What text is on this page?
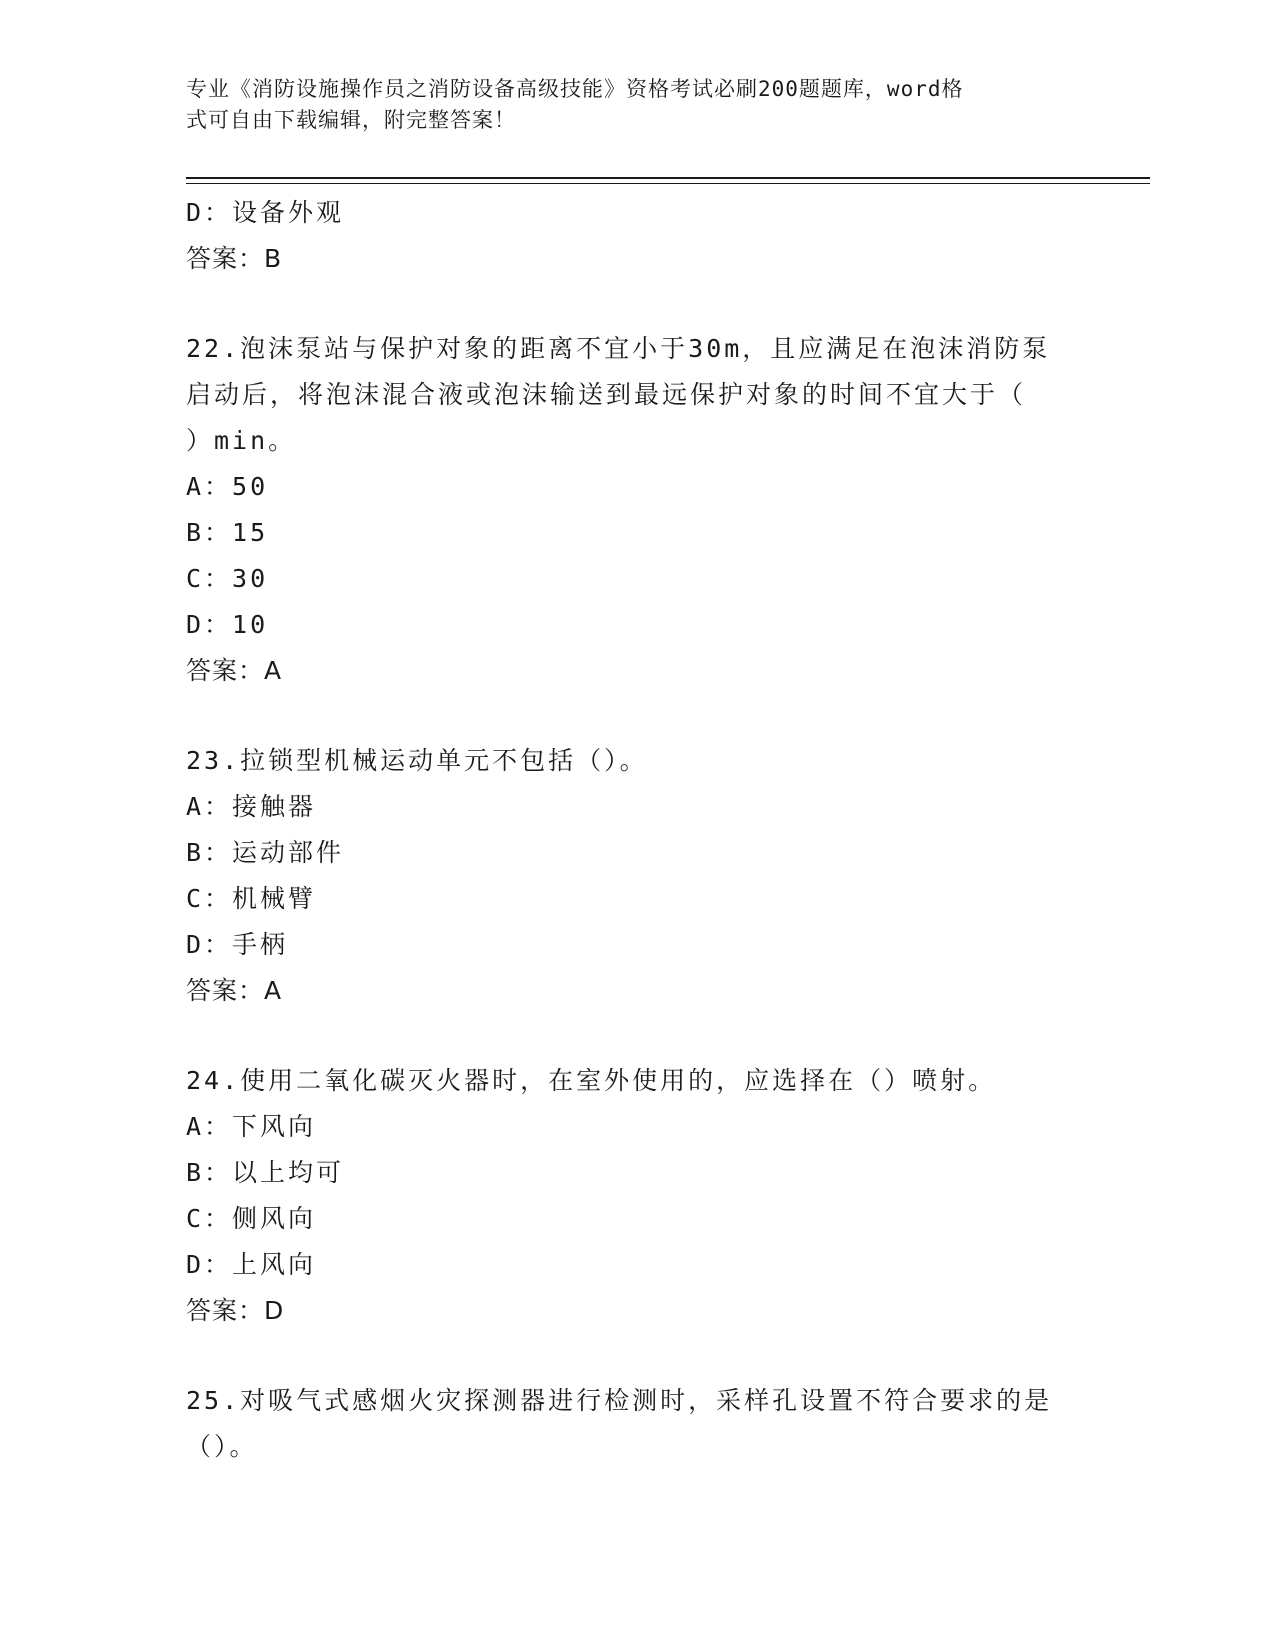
专业《消防设施操作员之消防设备高级技能》资格考试必刷200题题库，word格
式可自由下载编辑，附完整答案！
D：设备外观
答案：B
22.泡沫泵站与保护对象的距离不宜小于30m，且应满足在泡沫消防泵
启动后，将泡沫混合液或泡沫输送到最远保护对象的时间不宜大于（
）min。
A：50
B：15
C：30
D：10
答案：A
23.拉锁型机械运动单元不包括（）。
A：接触器
B：运动部件
C：机械臂
D：手柄
答案：A
24.使用二氧化碳灭火器时，在室外使用的，应选择在（）喷射。
A：下风向
B：以上均可
C：侧风向
D：上风向
答案：D
25.对吸气式感烟火灾探测器进行检测时，采样孔设置不符合要求的是
（）。
